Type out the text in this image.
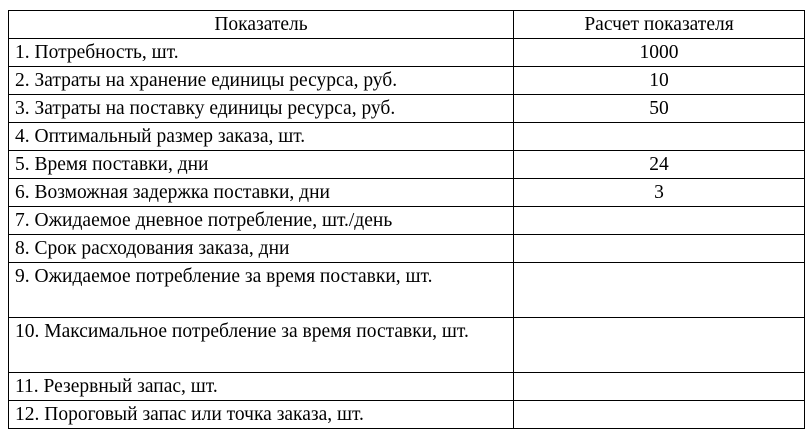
Показатель	Расчет показателя
1. Потребность, шт.	1000
2. Затраты на хранение единицы ресурса, руб.	10
3. Затраты на поставку единицы ресурса, руб.	50
4. Оптимальный размер заказа, шт.	
5. Время поставки, дни	24
6. Возможная задержка поставки, дни	3
7. Ожидаемое дневное потребление, шт./день	
8. Срок расходования заказа, дни	
9. Ожидаемое потребление за время поставки, шт.	
10. Максимальное потребление за время поставки, шт.	
11. Резервный запас, шт.	
12. Пороговый запас или точка заказа, шт.	
